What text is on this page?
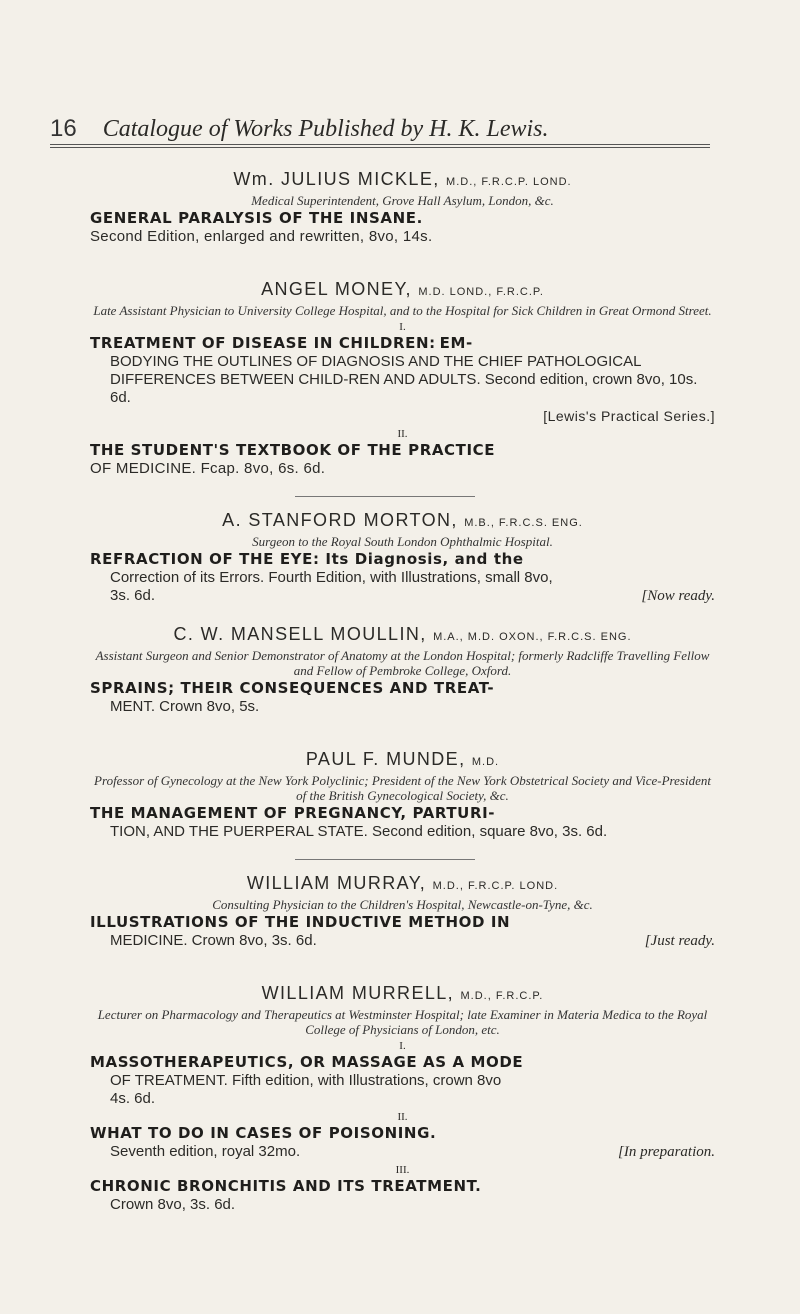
16 Catalogue of Works Published by H. K. Lewis.
Wm. JULIUS MICKLE, M.D., F.R.C.P. LOND.
Medical Superintendent, Grove Hall Asylum, London, &c.
GENERAL PARALYSIS OF THE INSANE.
Second Edition, enlarged and rewritten, 8vo, 14s.
ANGEL MONEY, M.D. LOND., F.R.C.P.
Late Assistant Physician to University College Hospital, and to the Hospital for Sick Children in Great Ormond Street.
I.
TREATMENT OF DISEASE IN CHILDREN: EM-
BODYING THE OUTLINES OF DIAGNOSIS AND THE CHIEF PATHOLOGICAL DIFFERENCES BETWEEN CHILD-REN AND ADULTS. Second edition, crown 8vo, 10s. 6d.
[Lewis's Practical Series.]
II.
THE STUDENT'S TEXTBOOK OF THE PRACTICE
OF MEDICINE. Fcap. 8vo, 6s. 6d.
A. STANFORD MORTON, M.B., F.R.C.S. ENG.
Surgeon to the Royal South London Ophthalmic Hospital.
REFRACTION OF THE EYE: Its Diagnosis, and the
Correction of its Errors. Fourth Edition, with Illustrations, small 8vo,
3s. 6d.	[Now ready.
C. W. MANSELL MOULLIN, M.A., M.D. OXON., F.R.C.S. ENG.
Assistant Surgeon and Senior Demonstrator of Anatomy at the London Hospital; formerly Radcliffe Travelling Fellow and Fellow of Pembroke College, Oxford.
SPRAINS; THEIR CONSEQUENCES AND TREAT-
MENT. Crown 8vo, 5s.
PAUL F. MUNDE, M.D.
Professor of Gynecology at the New York Polyclinic; President of the New York Obstetrical Society and Vice-President of the British Gynecological Society, &c.
THE MANAGEMENT OF PREGNANCY, PARTURI-
TION, AND THE PUERPERAL STATE. Second edition, square 8vo, 3s. 6d.
WILLIAM MURRAY, M.D., F.R.C.P. LOND.
Consulting Physician to the Children's Hospital, Newcastle-on-Tyne, &c.
ILLUSTRATIONS OF THE INDUCTIVE METHOD IN
MEDICINE. Crown 8vo, 3s. 6d.	[Just ready.
WILLIAM MURRELL, M.D., F.R.C.P.
Lecturer on Pharmacology and Therapeutics at Westminster Hospital; late Examiner in Materia Medica to the Royal College of Physicians of London, etc.
I.
MASSOTHERAPEUTICS, OR MASSAGE AS A MODE
OF TREATMENT. Fifth edition, with Illustrations, crown 8vo
4s. 6d.
II.
WHAT TO DO IN CASES OF POISONING.
Seventh edition, royal 32mo.	[In preparation.
III.
CHRONIC BRONCHITIS AND ITS TREATMENT.
Crown 8vo, 3s. 6d.
